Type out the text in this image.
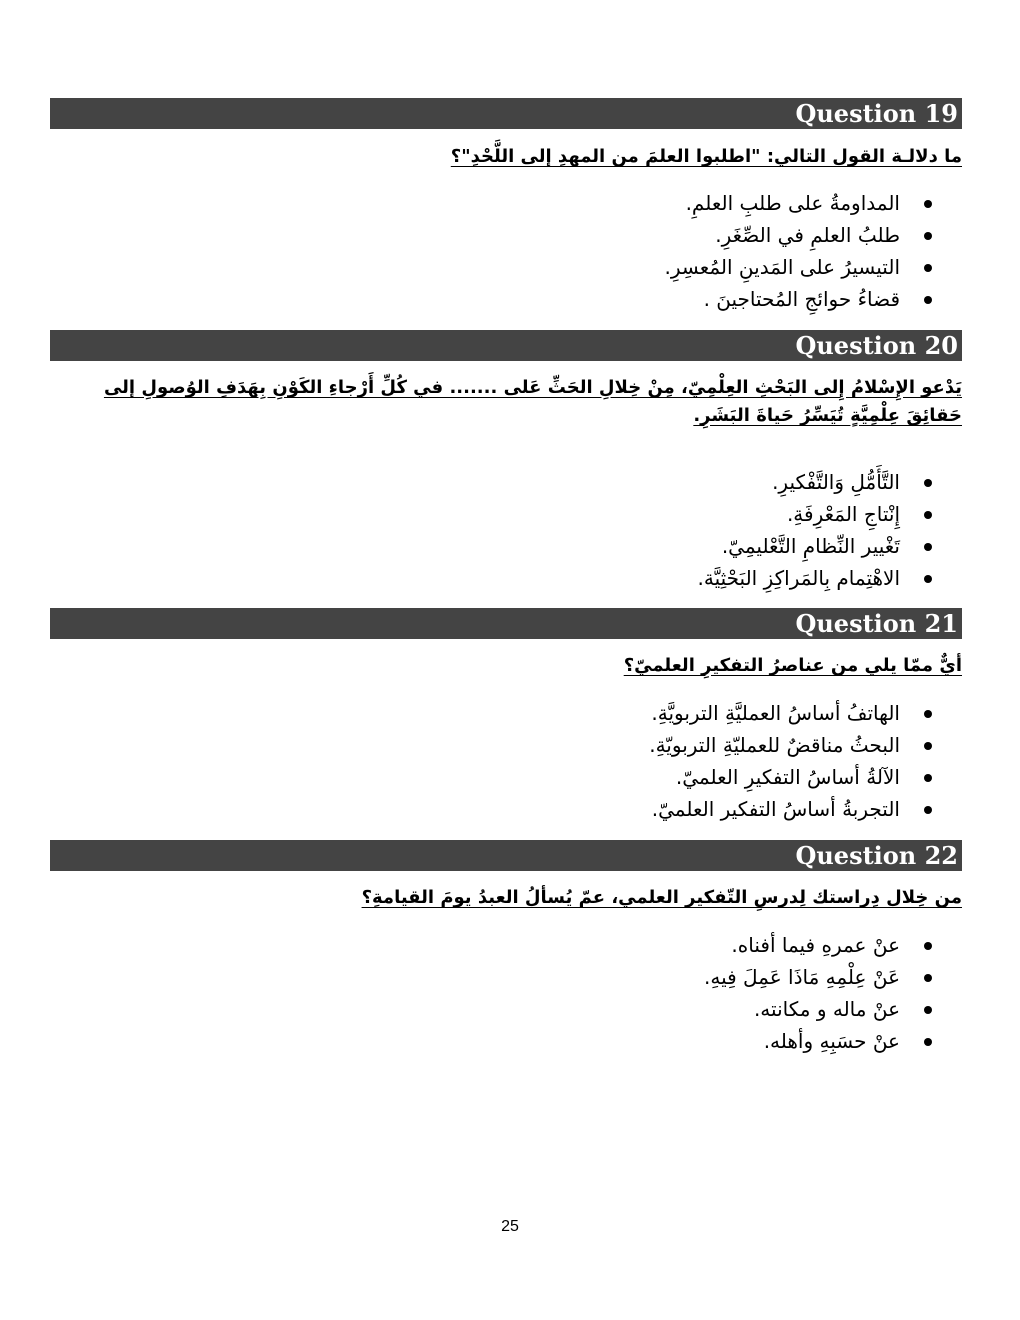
Question 19
ما دلالـة القول التالي: "اطلبوا العلمَ من المهدِ إلى اللَّحْدِ"؟
المداومةُ على طلبِ العلمِ.
طلبُ العلمِ في الصِّغَرِ.
التيسيرُ على المَدينِ المُعسِرِ.
قضاءُ حوائجِ المُحتاجينَ .
Question 20
يَدْعو الإِسْلامُ إِلى البَحْثِ العِلْمِيّ، مِنْ خِلالِ الحَثِّ عَلى ....... في كُلِّ أَرْجاءِ الكَوْنِ بِهَدَفِ الوُصولِ إلى حَقائِقَ عِلْمِيَّةٍ تُيَسِّرُ حَياةَ البَشَرِ.
التَّأَمُّلِ وَالتَّفْكيرِ.
إِنْتاجِ المَعْرِفَةِ.
تَغْيير النِّظامِ التَّعْليمِيّ.
الاهْتِمام بِالمَراكِزِ البَحْثِيَّة.
Question 21
أيٌّ ممّا يلي من عناصرُ التفكيرِ العلميّ؟
الهاتفُ أساسُ العمليَّةِ التربويَّةِ.
البحثُ مناقضٌ للعمليّةِ التربويّةِ.
الآلةُ أساسُ التفكيرِ العلميّ.
التجربةُ أساسُ التفكير العلميّ.
Question 22
من خِلال دِراستك لِدرسِ التّفكير العلمي، عمّ يُسألُ العبدُ يومَ القيامةِ؟
عنْ عمرهِ فيما أفناه.
عَنْ عِلْمِهِ مَاذَا عَمِلَ فِيهِ.
عنْ ماله و مكانته.
عنْ حسَبِهِ وأهله.
25
